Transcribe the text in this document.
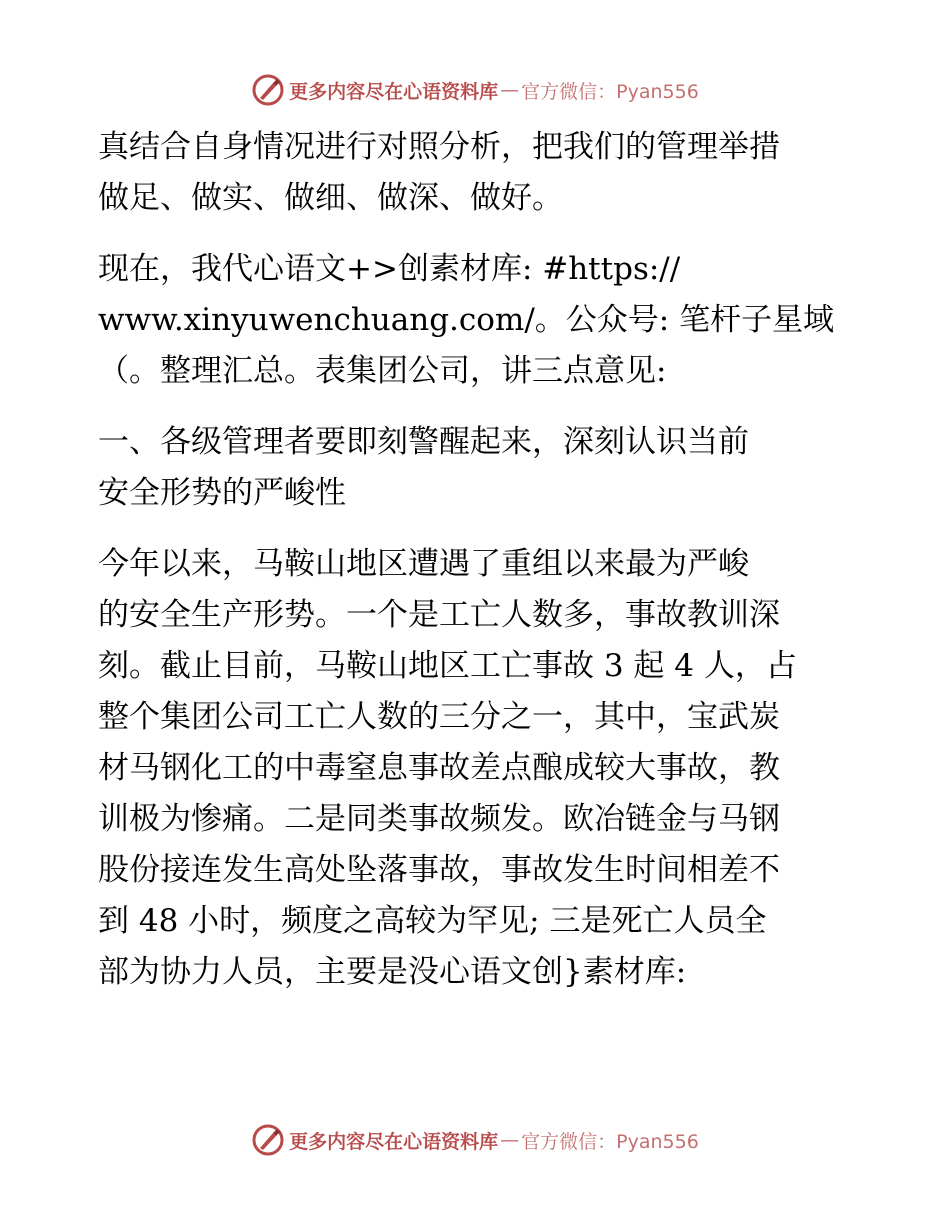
更多内容尽在心语资料库 — 官方微信：Pyan556
真结合自身情况进行对照分析，把我们的管理举措
做足、做实、做细、做深、做好。
现在，我代心语文+>创素材库: #https://
www.xinyuwenchuang.com/。公众号: 笔杆子星域
（。整理汇总。表集团公司，讲三点意见:
一、各级管理者要即刻警醒起来，深刻认识当前
安全形势的严峻性
今年以来，马鞍山地区遭遇了重组以来最为严峻
的安全生产形势。一个是工亡人数多，事故教训深
刻。截止目前，马鞍山地区工亡事故 3 起 4 人，占
整个集团公司工亡人数的三分之一，其中，宝武炭
材马钢化工的中毒窒息事故差点酿成较大事故，教
训极为惨痛。二是同类事故频发。欧冶链金与马钢
股份接连发生高处坠落事故，事故发生时间相差不
到 48 小时，频度之高较为罕见; 三是死亡人员全
部为协力人员，主要是没心语文创}素材库:
更多内容尽在心语资料库 — 官方微信：Pyan556
